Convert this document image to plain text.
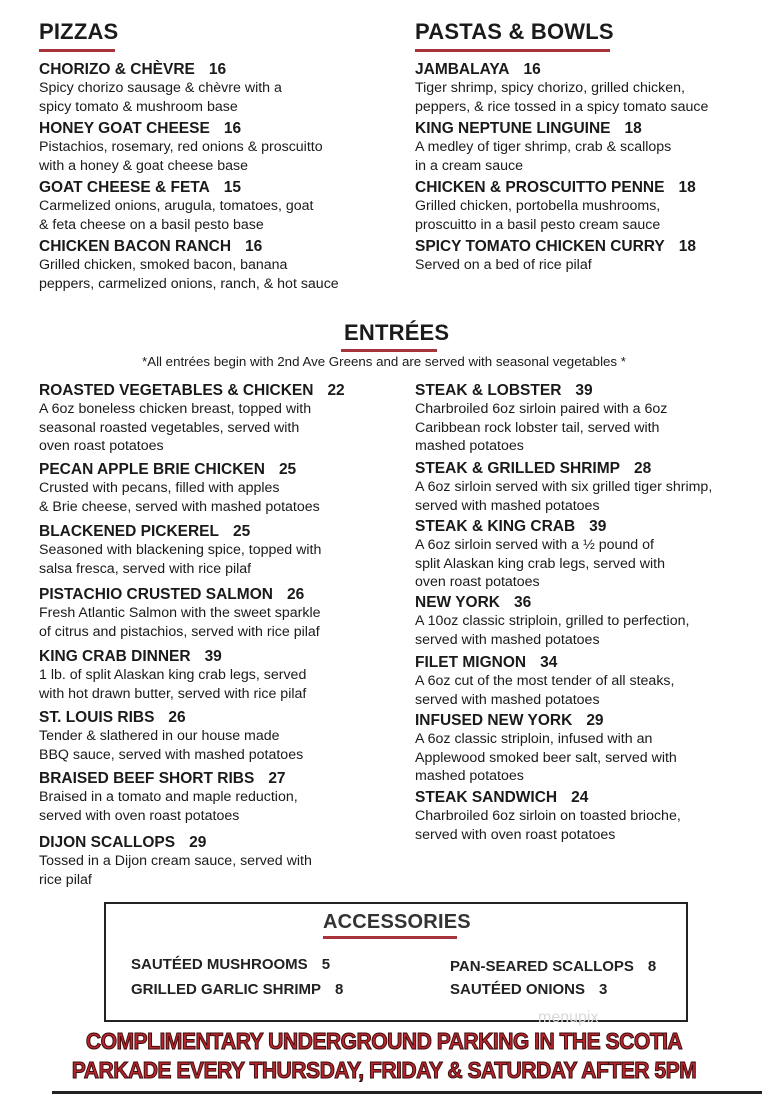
PIZZAS	PASTAS & BOWLS
CHORIZO & CHÈVRE 16
Spicy chorizo sausage & chèvre with a
spicy tomato & mushroom base
HONEY GOAT CHEESE 16
Pistachios, rosemary, red onions & proscuitto
with a honey & goat cheese base
GOAT CHEESE & FETA 15
Carmelized onions, arugula, tomatoes, goat
& feta cheese on a basil pesto base
CHICKEN BACON RANCH 16
Grilled chicken, smoked bacon, banana
peppers, carmelized onions, ranch, & hot sauce
JAMBALAYA 16
Tiger shrimp, spicy chorizo, grilled chicken,
peppers, & rice tossed in a spicy tomato sauce
KING NEPTUNE LINGUINE 18
A medley of tiger shrimp, crab & scallops
in a cream sauce
CHICKEN & PROSCUITTO PENNE 18
Grilled chicken, portobella mushrooms,
proscuitto in a basil pesto cream sauce
SPICY TOMATO CHICKEN CURRY 18
Served on a bed of rice pilaf
ENTRÉES
*All entrées begin with 2nd Ave Greens and are served with seasonal vegetables *
ROASTED VEGETABLES & CHICKEN 22
A 6oz boneless chicken breast, topped with
seasonal roasted vegetables, served with
oven roast potatoes
PECAN APPLE BRIE CHICKEN 25
Crusted with pecans, filled with apples
& Brie cheese, served with mashed potatoes
BLACKENED PICKEREL 25
Seasoned with blackening spice, topped with
salsa fresca, served with rice pilaf
PISTACHIO CRUSTED SALMON 26
Fresh Atlantic Salmon with the sweet sparkle
of citrus and pistachios, served with rice pilaf
KING CRAB DINNER 39
1 lb. of split Alaskan king crab legs, served
with hot drawn butter, served with rice pilaf
ST. LOUIS RIBS 26
Tender & slathered in our house made
BBQ sauce, served with mashed potatoes
BRAISED BEEF SHORT RIBS 27
Braised in a tomato and maple reduction,
served with oven roast potatoes
DIJON SCALLOPS 29
Tossed in a Dijon cream sauce, served with
rice pilaf
STEAK & LOBSTER 39
Charbroiled 6oz sirloin paired with a 6oz
Caribbean rock lobster tail, served with
mashed potatoes
STEAK & GRILLED SHRIMP 28
A 6oz sirloin served with six grilled tiger shrimp,
served with mashed potatoes
STEAK & KING CRAB 39
A 6oz sirloin served with a ½ pound of
split Alaskan king crab legs, served with
oven roast potatoes
NEW YORK 36
A 10oz classic striploin, grilled to perfection,
served with mashed potatoes
FILET MIGNON 34
A 6oz cut of the most tender of all steaks,
served with mashed potatoes
INFUSED NEW YORK 29
A 6oz classic striploin, infused with an
Applewood smoked beer salt, served with
mashed potatoes
STEAK SANDWICH 24
Charbroiled 6oz sirloin on toasted brioche,
served with oven roast potatoes
ACCESSORIES
SAUTÉED MUSHROOMS 5
GRILLED GARLIC SHRIMP 8
PAN-SEARED SCALLOPS 8
SAUTÉED ONIONS 3
menupix
COMPLIMENTARY UNDERGROUND PARKING IN THE SCOTIA
PARKADE EVERY THURSDAY, FRIDAY & SATURDAY AFTER 5PM
